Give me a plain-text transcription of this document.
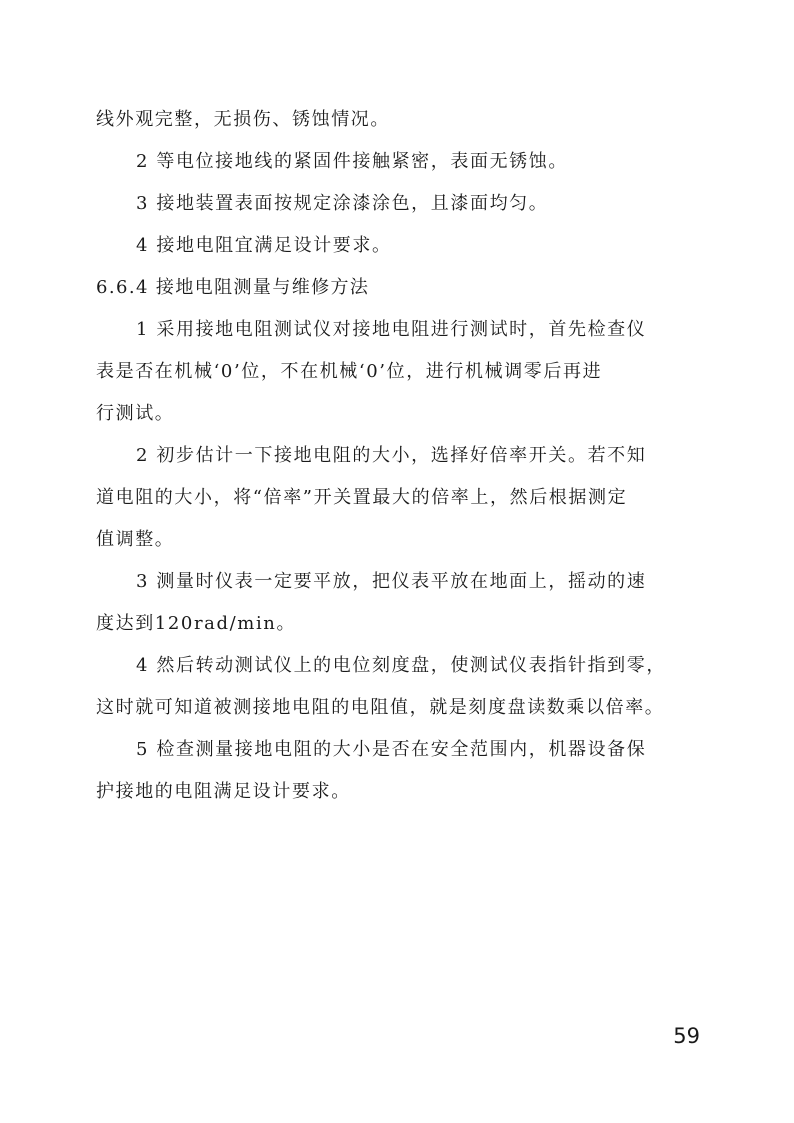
线外观完整，无损伤、锈蚀情况。
2 等电位接地线的紧固件接触紧密，表面无锈蚀。
3 接地装置表面按规定涂漆涂色，且漆面均匀。
4 接地电阻宜满足设计要求。
6.6.4 接地电阻测量与维修方法
1 采用接地电阻测试仪对接地电阻进行测试时，首先检查仪
表是否在机械‘0’位，不在机械‘0’位，进行机械调零后再进
行测试。
2 初步估计一下接地电阻的大小，选择好倍率开关。若不知
道电阻的大小，将“倍率”开关置最大的倍率上，然后根据测定
值调整。
3 测量时仪表一定要平放，把仪表平放在地面上，摇动的速
度达到120rad/min。
4 然后转动测试仪上的电位刻度盘，使测试仪表指针指到零，
这时就可知道被测接地电阻的电阻值，就是刻度盘读数乘以倍率。
5 检查测量接地电阻的大小是否在安全范围内，机器设备保
护接地的电阻满足设计要求。
59
